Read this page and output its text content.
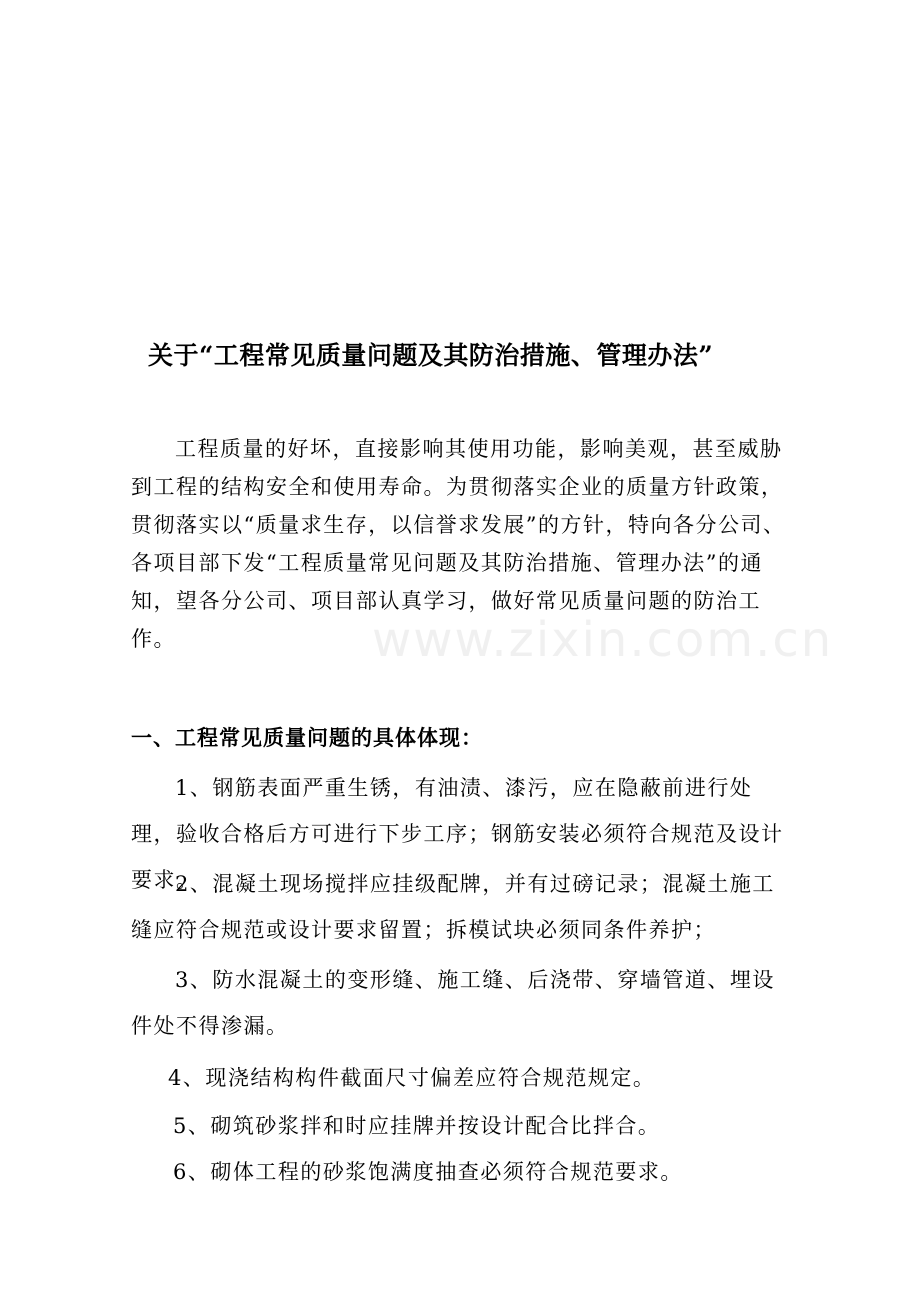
关于“工程常见质量问题及其防治措施、管理办法”

工程质量的好坏，直接影响其使用功能，影响美观，甚至威胁到工程的结构安全和使用寿命。为贯彻落实企业的质量方针政策，贯彻落实以“质量求生存，以信誉求发展”的方针，特向各分公司、各项目部下发“工程质量常见问题及其防治措施、管理办法”的通知，望各分公司、项目部认真学习，做好常见质量问题的防治工作。	www.zixin.com.cn
一、工程常见质量问题的具体体现：

1、钢筋表面严重生锈，有油渍、漆污，应在隐蔽前进行处理，验收合格后方可进行下步工序；钢筋安装必须符合规范及设计要求。

2、混凝土现场搅拌应挂级配牌，并有过磅记录；混凝土施工缝应符合规范或设计要求留置；拆模试块必须同条件养护；

3、防水混凝土的变形缝、施工缝、后浇带、穿墙管道、埋设件处不得渗漏。

4、现浇结构构件截面尺寸偏差应符合规范规定。

5、砌筑砂浆拌和时应挂牌并按设计配合比拌合。

6、砌体工程的砂浆饱满度抽查必须符合规范要求。
